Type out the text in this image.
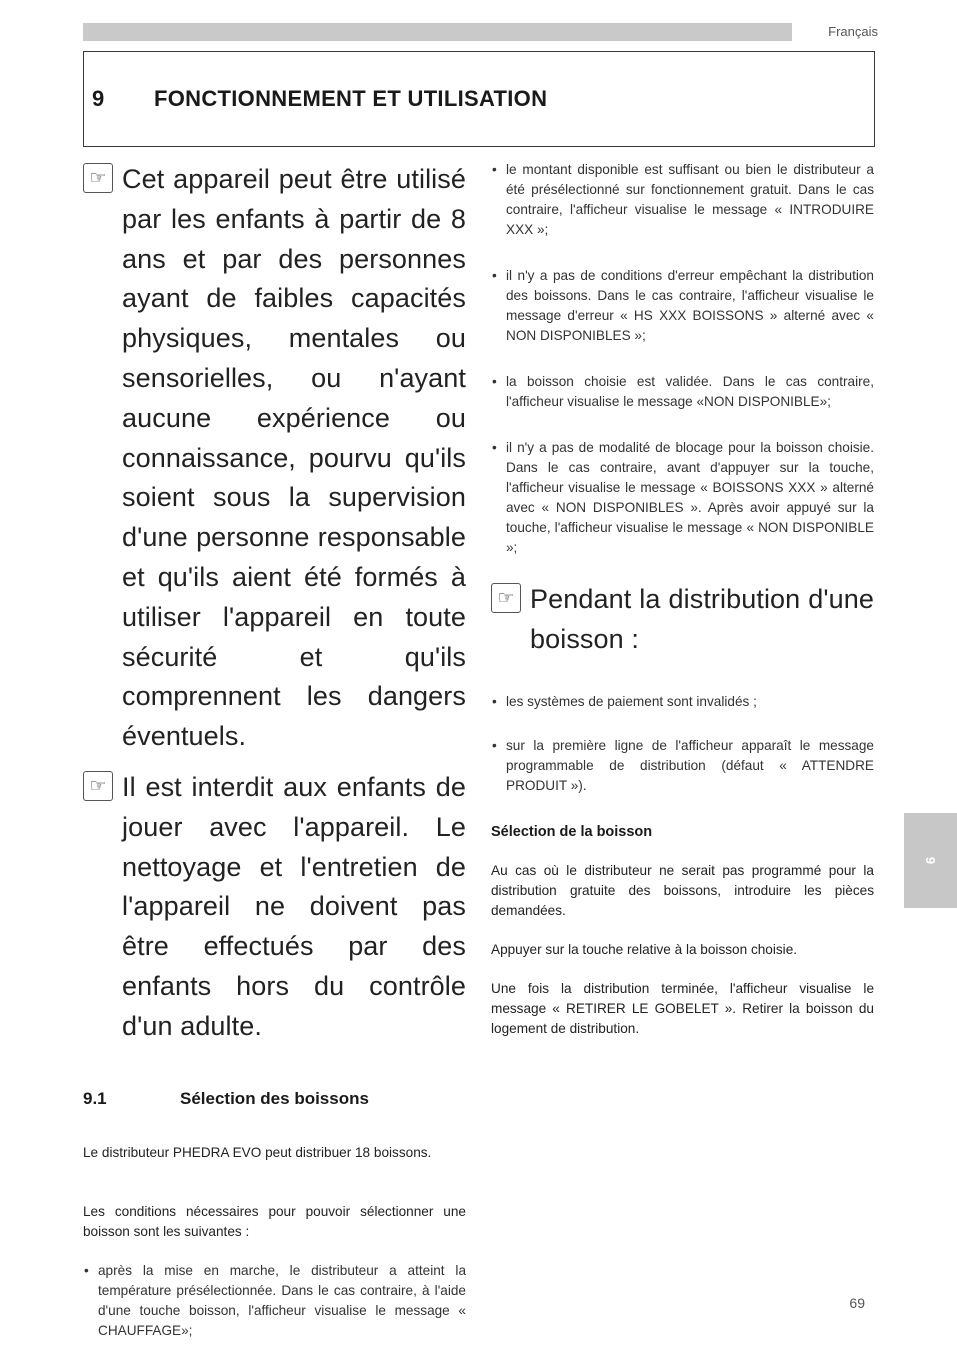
Français
9 FONCTIONNEMENT ET UTILISATION
☞ Cet appareil peut être utilisé par les enfants à partir de 8 ans et par des personnes ayant de faibles capacités physiques, mentales ou sensorielles, ou n'ayant aucune expérience ou connaissance, pourvu qu'ils soient sous la supervision d'une personne responsable et qu'ils aient été formés à utiliser l'appareil en toute sécurité et qu'ils comprennent les dangers éventuels.

☞ Il est interdit aux enfants de jouer avec l'appareil. Le nettoyage et l'entretien de l'appareil ne doivent pas être effectués par des enfants hors du contrôle d'un adulte.

9.1	Sélection des boissons

Le distributeur PHEDRA EVO peut distribuer 18 boissons.

Les conditions nécessaires pour pouvoir sélectionner une boisson sont les suivantes :

• après la mise en marche, le distributeur a atteint la température présélectionnée. Dans le cas contraire, à l'aide d'une touche boisson, l'afficheur visualise le message « CHAUFFAGE»;

• le montant disponible est suffisant ou bien le distributeur a été présélectionné sur fonctionnement gratuit. Dans le cas contraire, l'afficheur visualise le message « INTRODUIRE XXX »;

• il n'y a pas de conditions d'erreur empêchant la distribution des boissons. Dans le cas contraire, l'afficheur visualise le message d'erreur « HS XXX BOISSONS » alterné avec « NON DISPONIBLES »;

• la boisson choisie est validée. Dans le cas contraire, l'afficheur visualise le message «NON DISPONIBLE»;

• il n'y a pas de modalité de blocage pour la boisson choisie. Dans le cas contraire, avant d'appuyer sur la touche, l'afficheur visualise le message « BOISSONS XXX » alterné avec « NON DISPONIBLES ». Après avoir appuyé sur la touche, l'afficheur visualise le message « NON DISPONIBLE »;

☞ Pendant la distribution d'une boisson :

• les systèmes de paiement sont invalidés ;

• sur la première ligne de l'afficheur apparaît le message programmable de distribution (défaut « ATTENDRE PRODUIT »).

Sélection de la boisson

Au cas où le distributeur ne serait pas programmé pour la distribution gratuite des boissons, introduire les pièces demandées.

Appuyer sur la touche relative à la boisson choisie.

Une fois la distribution terminée, l'afficheur visualise le message « RETIRER LE GOBELET ». Retirer la boisson du logement de distribution.

9
69
